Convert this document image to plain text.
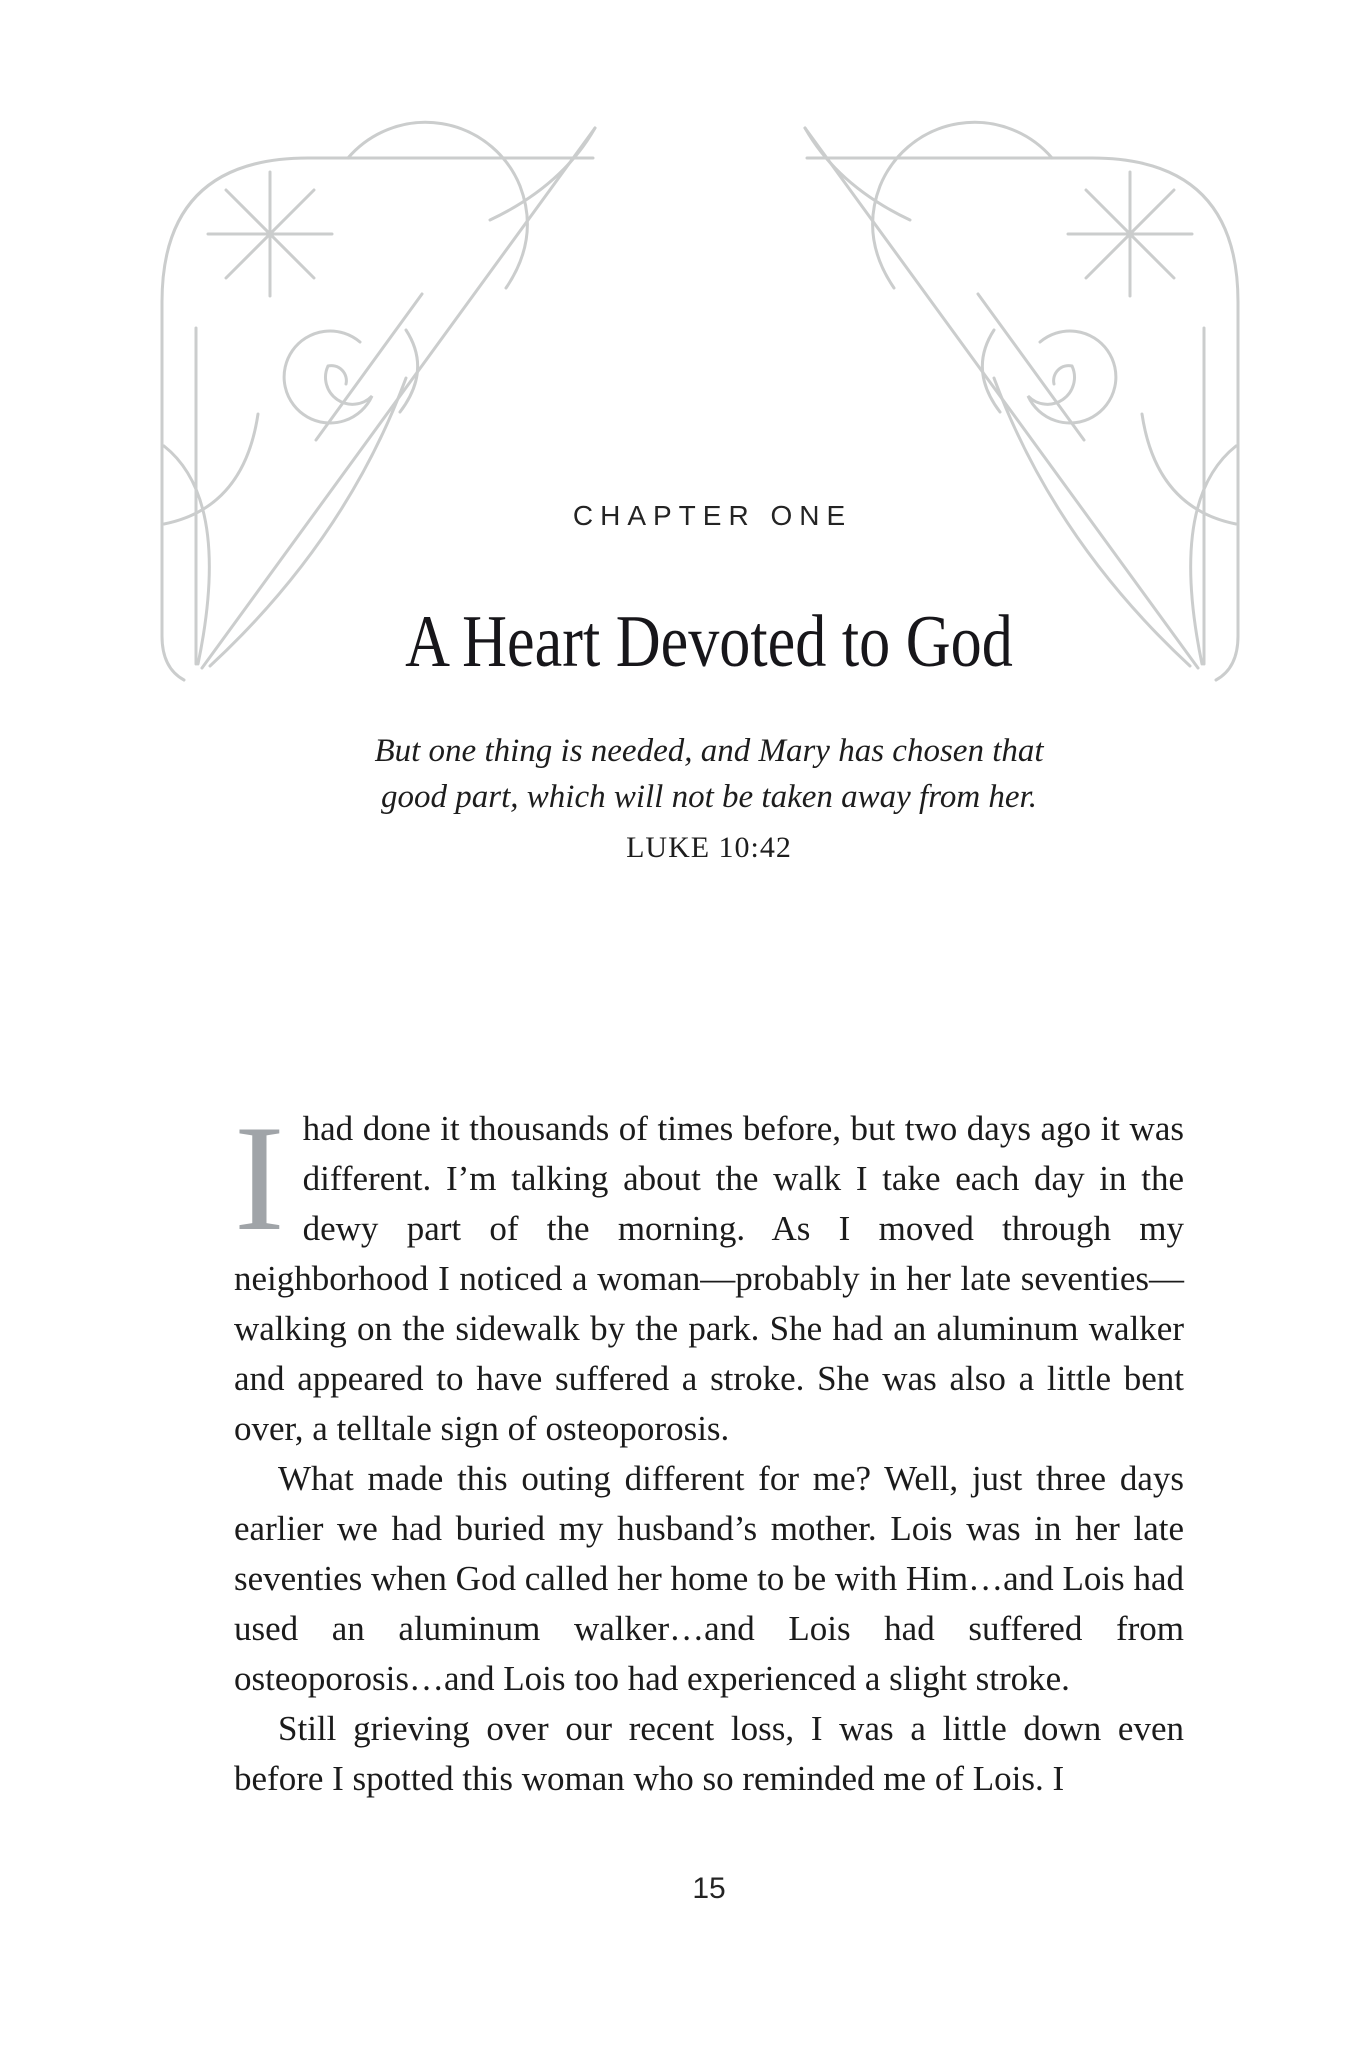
CHAPTER ONE
A Heart Devoted to God
But one thing is needed, and Mary has chosen that
good part, which will not be taken away from her.
LUKE 10:42

Ihad done it thousands of times before, but two days ago it was different. I’m talking about the walk I take each day in the dewy part of the morning. As I moved through my neighborhood I noticed a woman—probably in her late seventies—walking on the sidewalk by the park. She had an aluminum walker and appeared to have suffered a stroke. She was also a little bent over, a telltale sign of osteoporosis.

What made this outing different for me? Well, just three days earlier we had buried my husband’s mother. Lois was in her late seventies when God called her home to be with Him…and Lois had used an aluminum walker…and Lois had suffered from osteoporosis…and Lois too had experienced a slight stroke.

Still grieving over our recent loss, I was a little down even before I spotted this woman who so reminded me of Lois. I

15
